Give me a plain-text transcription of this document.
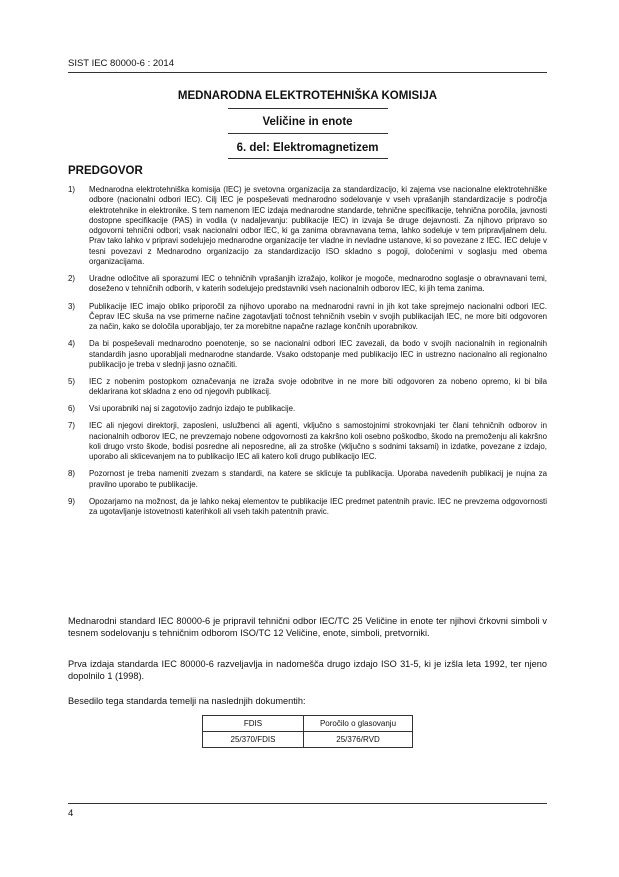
SIST IEC 80000-6 : 2014
MEDNARODNA ELEKTROTEHNIŠKA KOMISIJA
Veličine in enote
6. del: Elektromagnetizem
PREDGOVOR
1) Mednarodna elektrotehniška komisija (IEC) je svetovna organizacija za standardizacijo, ki zajema vse nacionalne elektrotehniške odbore (nacionalni odbori IEC). Cilj IEC je pospeševati mednarodno sodelovanje v vseh vprašanjih standardizacije s področja elektrotehnike in elektronike. S tem namenom IEC izdaja mednarodne standarde, tehnične specifikacije, tehnična poročila, javnosti dostopne specifikacije (PAS) in vodila (v nadaljevanju: publikacije IEC) in izvaja še druge dejavnosti. Za njihovo pripravo so odgovorni tehnični odbori; vsak nacionalni odbor IEC, ki ga zanima obravnavana tema, lahko sodeluje v tem pripravljalnem delu. Prav tako lahko v pripravi sodelujejo mednarodne organizacije ter vladne in nevladne ustanove, ki so povezane z IEC. IEC deluje v tesni povezavi z Mednarodno organizacijo za standardizacijo ISO skladno s pogoji, določenimi v soglasju med obema organizacijama.
2) Uradne odločitve ali sporazumi IEC o tehničnih vprašanjih izražajo, kolikor je mogoče, mednarodno soglasje o obravnavani temi, doseženo v tehničnih odborih, v katerih sodelujejo predstavniki vseh nacionalnih odborov IEC, ki jih tema zanima.
3) Publikacije IEC imajo obliko priporočil za njihovo uporabo na mednarodni ravni in jih kot take sprejmejo nacionalni odbori IEC. Čeprav IEC skuša na vse primerne načine zagotavljati točnost tehničnih vsebin v svojih publikacijah IEC, ne more biti odgovoren za način, kako se določila uporabljajo, ter za morebitne napačne razlage končnih uporabnikov.
4) Da bi pospeševali mednarodno poenotenje, so se nacionalni odbori IEC zavezali, da bodo v svojih nacionalnih in regionalnih standardih jasno uporabljali mednarodne standarde. Vsako odstopanje med publikacijo IEC in ustrezno nacionalno ali regionalno publikacijo je treba v slednji jasno označiti.
5) IEC z nobenim postopkom označevanja ne izraža svoje odobritve in ne more biti odgovoren za nobeno opremo, ki bi bila deklarirana kot skladna z eno od njegovih publikacij.
6) Vsi uporabniki naj si zagotovijo zadnjo izdajo te publikacije.
7) IEC ali njegovi direktorji, zaposleni, uslužbenci ali agenti, vključno s samostojnimi strokovnjaki ter člani tehničnih odborov in nacionalnih odborov IEC, ne prevzemajo nobene odgovornosti za kakršno koli osebno poškodbo, škodo na premoženju ali kakršno koli drugo vrsto škode, bodisi posredne ali neposredne, ali za stroške (vključno s sodnimi taksami) in izdatke, povezane z izdajo, uporabo ali sklicevanjem na to publikacijo IEC ali katero koli drugo publikacijo IEC.
8) Pozornost je treba nameniti zvezam s standardi, na katere se sklicuje ta publikacija. Uporaba navedenih publikacij je nujna za pravilno uporabo te publikacije.
9) Opozarjamo na možnost, da je lahko nekaj elementov te publikacije IEC predmet patentnih pravic. IEC ne prevzema odgovornosti za ugotavljanje istovetnosti katerihkoli ali vseh takih patentnih pravic.
Mednarodni standard IEC 80000-6 je pripravil tehnični odbor IEC/TC 25 Veličine in enote ter njihovi črkovni simboli v tesnem sodelovanju s tehničnim odborom ISO/TC 12 Veličine, enote, simboli, pretvorniki.
Prva izdaja standarda IEC 80000-6 razveljavlja in nadomešča drugo izdajo ISO 31-5, ki je izšla leta 1992, ter njeno dopolnilo 1 (1998).
Besedilo tega standarda temelji na naslednjih dokumentih:
FDIS	Poročilo o glasovanju
25/370/FDIS	25/376/RVD
4
